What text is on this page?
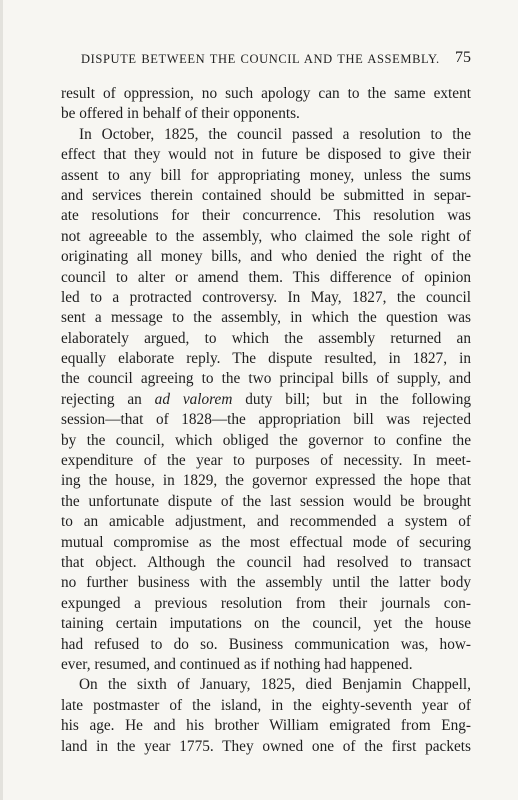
DISPUTE BETWEEN THE COUNCIL AND THE ASSEMBLY. 75
result of oppression, no such apology can to the same extent
be offered in behalf of their opponents.
In October, 1825, the council passed a resolution to the
effect that they would not in future be disposed to give their
assent to any bill for appropriating money, unless the sums
and services therein contained should be submitted in separ-
ate resolutions for their concurrence. This resolution was
not agreeable to the assembly, who claimed the sole right of
originating all money bills, and who denied the right of the
council to alter or amend them. This difference of opinion
led to a protracted controversy. In May, 1827, the council
sent a message to the assembly, in which the question was
elaborately argued, to which the assembly returned an
equally elaborate reply. The dispute resulted, in 1827, in
the council agreeing to the two principal bills of supply, and
rejecting an ad valorem duty bill; but in the following
session—that of 1828—the appropriation bill was rejected
by the council, which obliged the governor to confine the
expenditure of the year to purposes of necessity. In meet-
ing the house, in 1829, the governor expressed the hope that
the unfortunate dispute of the last session would be brought
to an amicable adjustment, and recommended a system of
mutual compromise as the most effectual mode of securing
that object. Although the council had resolved to transact
no further business with the assembly until the latter body
expunged a previous resolution from their journals con-
taining certain imputations on the council, yet the house
had refused to do so. Business communication was, how-
ever, resumed, and continued as if nothing had happened.
On the sixth of January, 1825, died Benjamin Chappell,
late postmaster of the island, in the eighty-seventh year of
his age. He and his brother William emigrated from Eng-
land in the year 1775. They owned one of the first packets
